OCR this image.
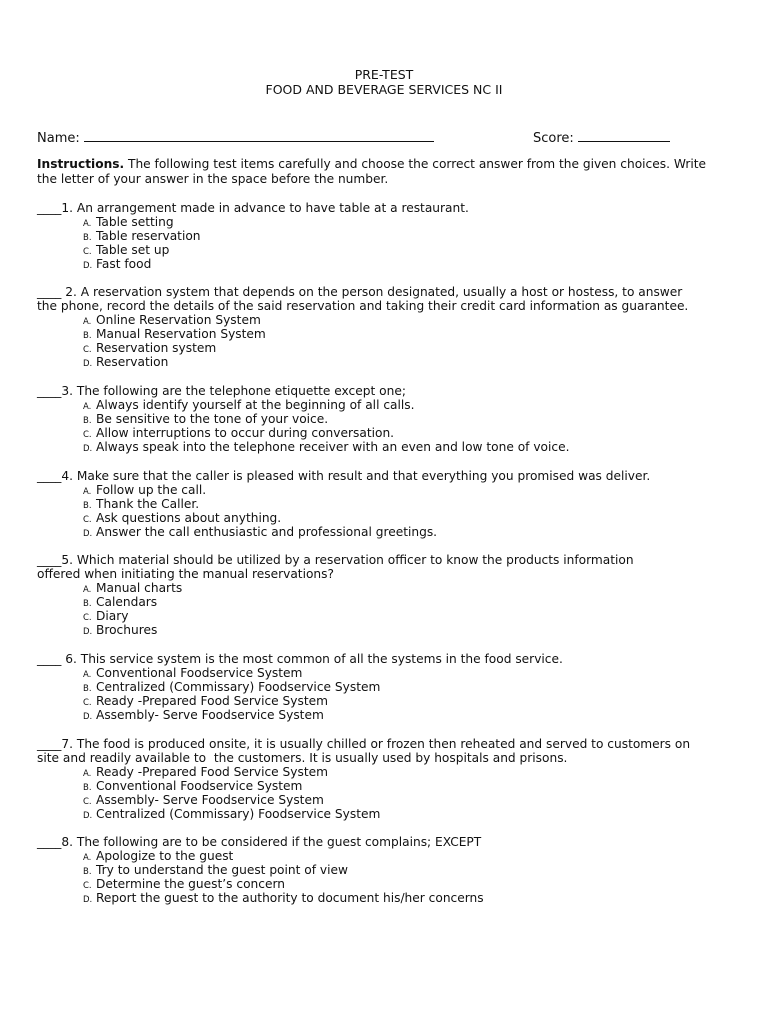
PRE-TEST
FOOD AND BEVERAGE SERVICES NC II
Name:	Score:
Instructions. The following test items carefully and choose the correct answer from the given choices. Write
the letter of your answer in the space before the number.
____1. An arrangement made in advance to have table at a restaurant.
A. Table setting
B. Table reservation
C. Table set up
D. Fast food
____ 2. A reservation system that depends on the person designated, usually a host or hostess, to answer
the phone, record the details of the said reservation and taking their credit card information as guarantee.
A. Online Reservation System
B. Manual Reservation System
C. Reservation system
D. Reservation
____3. The following are the telephone etiquette except one;
A. Always identify yourself at the beginning of all calls.
B. Be sensitive to the tone of your voice.
C. Allow interruptions to occur during conversation.
D. Always speak into the telephone receiver with an even and low tone of voice.
____4. Make sure that the caller is pleased with result and that everything you promised was deliver.
A. Follow up the call.
B. Thank the Caller.
C. Ask questions about anything.
D. Answer the call enthusiastic and professional greetings.
____5. Which material should be utilized by a reservation officer to know the products information
offered when initiating the manual reservations?
A. Manual charts
B. Calendars
C. Diary
D. Brochures
____ 6. This service system is the most common of all the systems in the food service.
A. Conventional Foodservice System
B. Centralized (Commissary) Foodservice System
C. Ready -Prepared Food Service System
D. Assembly- Serve Foodservice System
____7. The food is produced onsite, it is usually chilled or frozen then reheated and served to customers on
site and readily available to  the customers. It is usually used by hospitals and prisons.
A. Ready -Prepared Food Service System
B. Conventional Foodservice System
C. Assembly- Serve Foodservice System
D. Centralized (Commissary) Foodservice System
____8. The following are to be considered if the guest complains; EXCEPT
A. Apologize to the guest
B. Try to understand the guest point of view
C. Determine the guest’s concern
D. Report the guest to the authority to document his/her concerns
